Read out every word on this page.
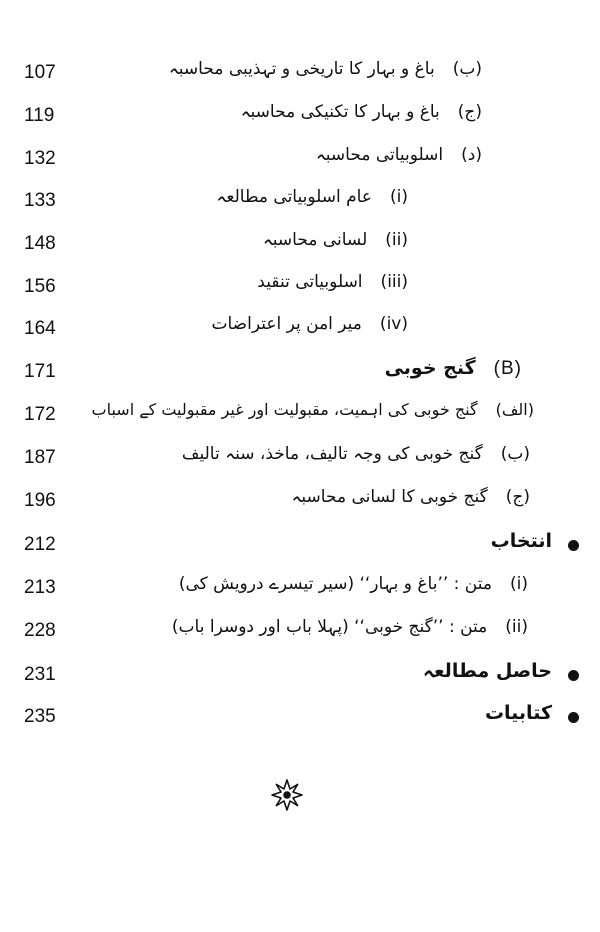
107	(ب)باغ و بہار کا تاریخی و تہذیبی محاسبہ
119	(ج)باغ و بہار کا تکنیکی محاسبہ
132	(د)اسلوبیاتی محاسبہ
133	(i)عام اسلوبیاتی مطالعہ
148	(ii)لسانی محاسبہ
156	(iii)اسلوبیاتی تنقید
164	(iv)میر امن پر اعتراضات
171	(B)گنج خوبی
172	(الف)گنج خوبی کی اہمیت، مقبولیت اور غیر مقبولیت کے اسباب
187	(ب)گنج خوبی کی وجہ تالیف، ماخذ، سنہ تالیف
196	(ج)گنج خوبی کا لسانی محاسبہ
212	انتخاب
213	(i)متن : ’’باغ و بہار‘‘ (سیر تیسرے درویش کی)
228	(ii)متن : ’’گنج خوبی‘‘ (پہلا باب اور دوسرا باب)
231	حاصل مطالعہ
235	کتابیات
